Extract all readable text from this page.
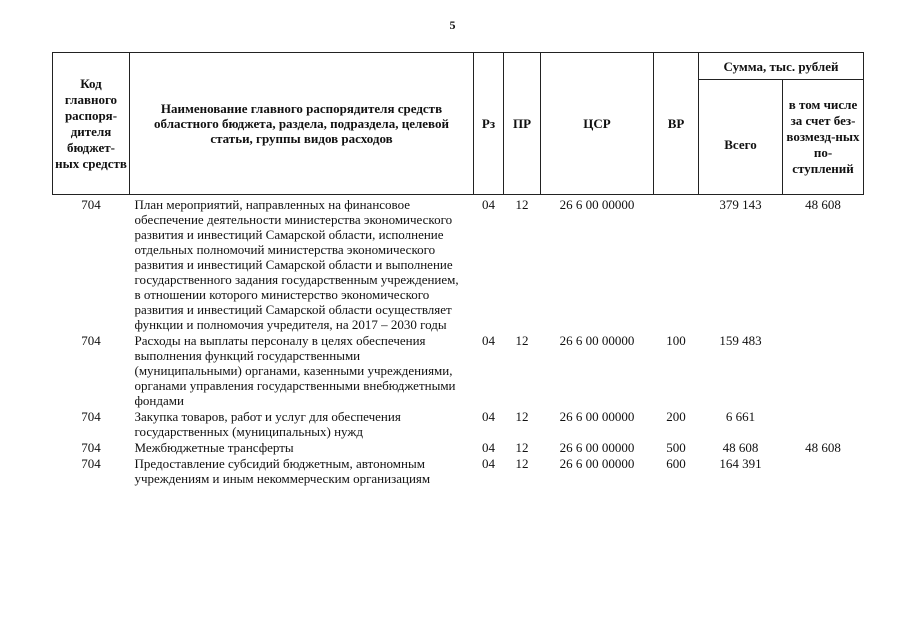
5
Код главного распоря-дителя бюджет-ных средств	Наименование главного распорядителя средств областного бюджета, раздела, подраздела, целевой статьи, группы видов расходов	Рз	ПР	ЦСР	ВР	Сумма, тыс. рублей	
						Всего	в том числе за счет без-возмезд-ных по-ступлений
704	План мероприятий, направленных на финансовое обеспечение деятельности министерства экономического развития и инвестиций Самарской области, исполнение отдельных полномочий министерства экономического развития и инвестиций Самарской области и выполнение государственного задания государственным учреждением, в отношении которого министерство экономического развития и инвестиций Самарской области осуществляет функции и полномочия учредителя, на 2017 – 2030 годы	04	12	26 6 00 00000		379 143	48 608
704	Расходы на выплаты персоналу в целях обеспечения выполнения функций государственными (муниципальными) органами, казенными учреждениями, органами управления государственными внебюджетными фондами	04	12	26 6 00 00000	100	159 483	
704	Закупка товаров, работ и услуг для обеспечения государственных (муниципальных) нужд	04	12	26 6 00 00000	200	6 661	
704	Межбюджетные трансферты	04	12	26 6 00 00000	500	48 608	48 608
704	Предоставление субсидий бюджетным, автономным учреждениям и иным некоммерческим организациям	04	12	26 6 00 00000	600	164 391	
